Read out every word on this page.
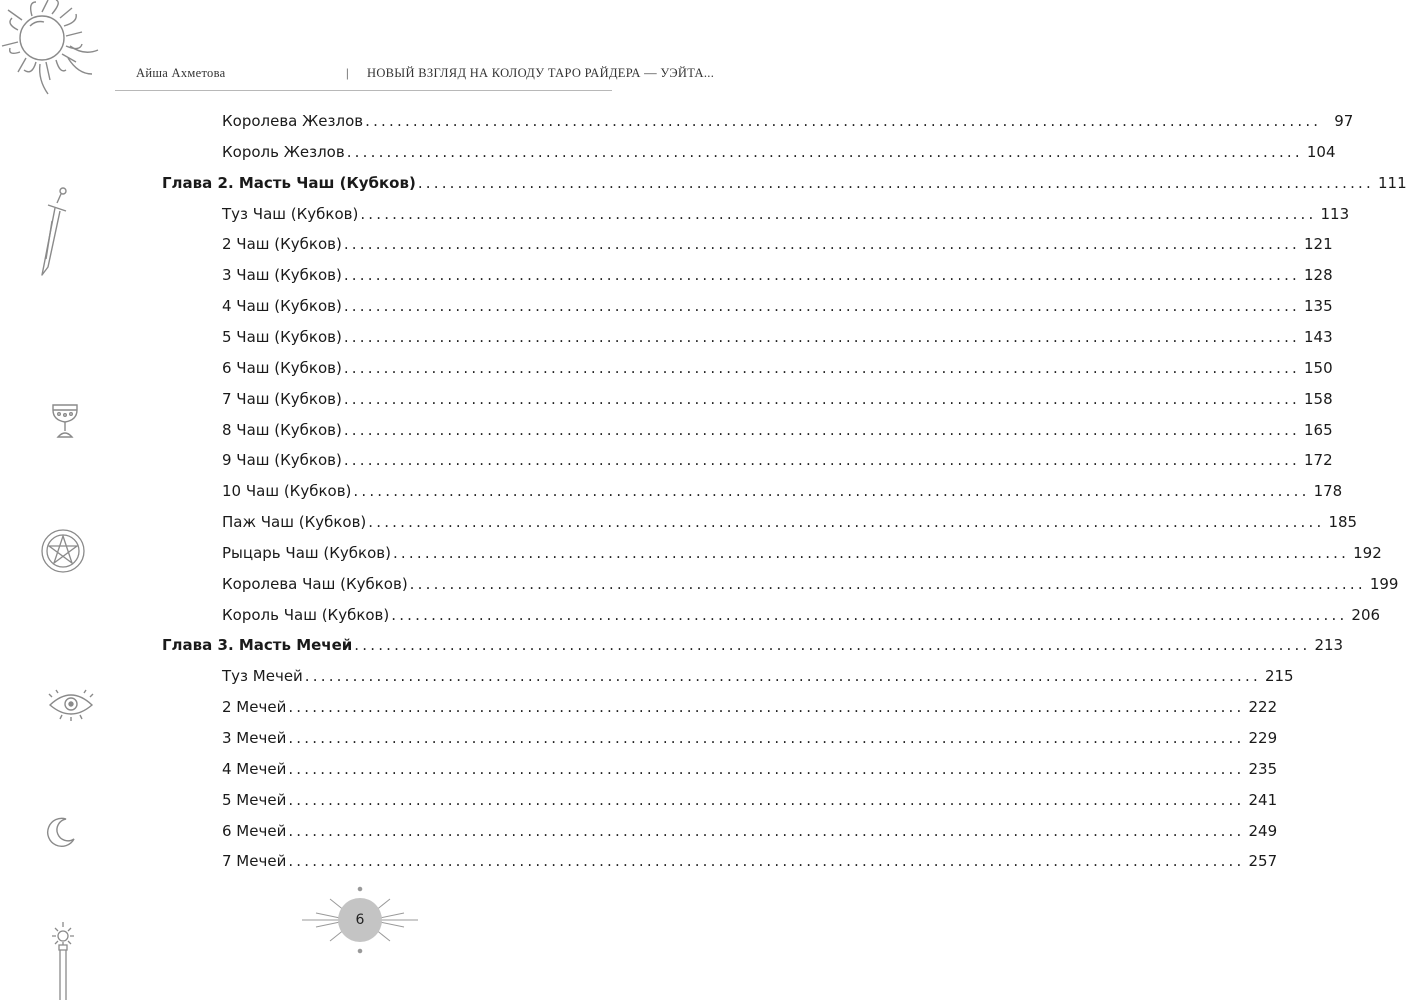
Айша Ахметова	| НОВЫЙ ВЗГЛЯД НА КОЛОДУ ТАРО РАЙДЕРА — УЭЙТА...
Королева Жезлов ........................................................................................................................ 97
Король Жезлов ........................................................................................................................ 104
Глава 2. Масть Чаш (Кубков) ........................................................................................................................ 111
Туз Чаш (Кубков) ........................................................................................................................ 113
2 Чаш (Кубков) ........................................................................................................................ 121
3 Чаш (Кубков) ........................................................................................................................ 128
4 Чаш (Кубков) ........................................................................................................................ 135
5 Чаш (Кубков) ........................................................................................................................ 143
6 Чаш (Кубков) ........................................................................................................................ 150
7 Чаш (Кубков) ........................................................................................................................ 158
8 Чаш (Кубков) ........................................................................................................................ 165
9 Чаш (Кубков) ........................................................................................................................ 172
10 Чаш (Кубков) ........................................................................................................................ 178
Паж Чаш (Кубков) ........................................................................................................................ 185
Рыцарь Чаш (Кубков) ........................................................................................................................ 192
Королева Чаш (Кубков) ........................................................................................................................ 199
Король Чаш (Кубков) ........................................................................................................................ 206
Глава 3. Масть Мечей ........................................................................................................................ 213
Туз Мечей ........................................................................................................................ 215
2 Мечей ........................................................................................................................ 222
3 Мечей ........................................................................................................................ 229
4 Мечей ........................................................................................................................ 235
5 Мечей ........................................................................................................................ 241
6 Мечей ........................................................................................................................ 249
7 Мечей ........................................................................................................................ 257
6
